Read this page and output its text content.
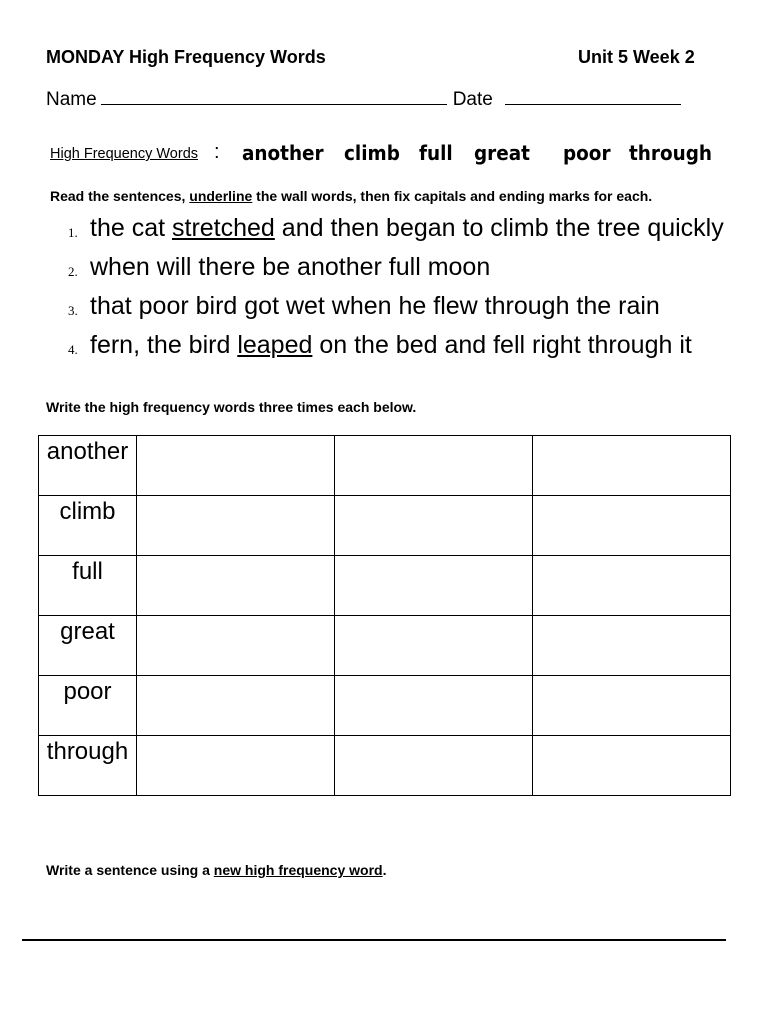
MONDAY High Frequency Words	Unit 5 Week 2
Name	Date
High Frequency Words : another climb full great poor through
Read the sentences, underline the wall words, then fix capitals and ending marks for each.
1. the cat stretched and then began to climb the tree quickly
2. when will there be another full moon
3. that poor bird got wet when he flew through the rain
4. fern, the bird leaped on the bed and fell right through it
Write the high frequency words three times each below.
another			
climb			
full			
great			
poor			
through			
Write a sentence using a new high frequency word.
